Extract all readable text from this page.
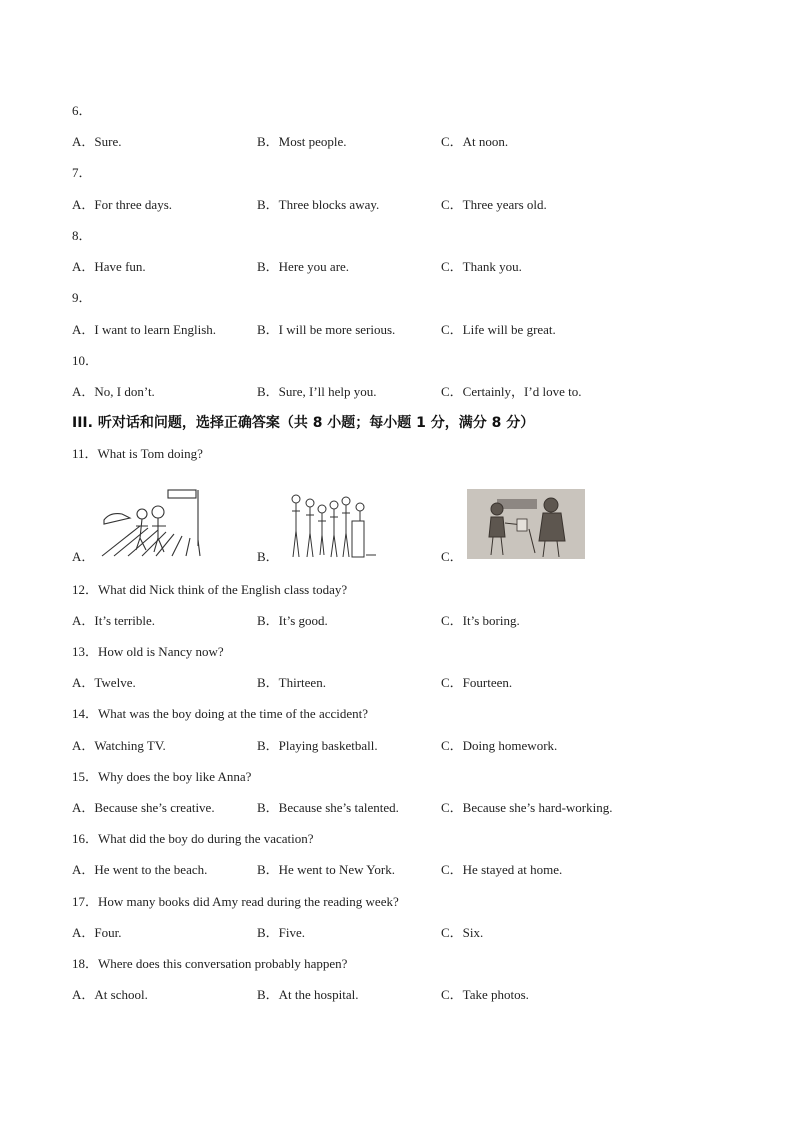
6．
A．Sure.	B．Most people.	C．At noon.
7．
A．For three days.	B．Three blocks away.	C．Three years old.
8．
A．Have fun.	B．Here you are.	C．Thank you.
9．
A．I want to learn English.	B．I will be more serious.	C．Life will be great.
10．
A．No, I don’t.	B．Sure, I’ll help you.	C．Certainly，I’d love to.
III. 听对话和问题，选择正确答案（共 8 小题；每小题 1 分，满分 8 分）
11．What is Tom doing?
A．	B．	C．
12．What did Nick think of the English class today?
A．It’s terrible.	B．It’s good.	C．It’s boring.
13．How old is Nancy now?
A．Twelve.	B．Thirteen.	C．Fourteen.
14．What was the boy doing at the time of the accident?
A．Watching TV.	B．Playing basketball.	C．Doing homework.
15．Why does the boy like Anna?
A．Because she’s creative.	B．Because she’s talented.	C．Because she’s hard-working.
16．What did the boy do during the vacation?
A．He went to the beach.	B．He went to New York.	C．He stayed at home.
17．How many books did Amy read during the reading week?
A．Four.	B．Five.	C．Six.
18．Where does this conversation probably happen?
A．At school.	B．At the hospital.	C．Take photos.
